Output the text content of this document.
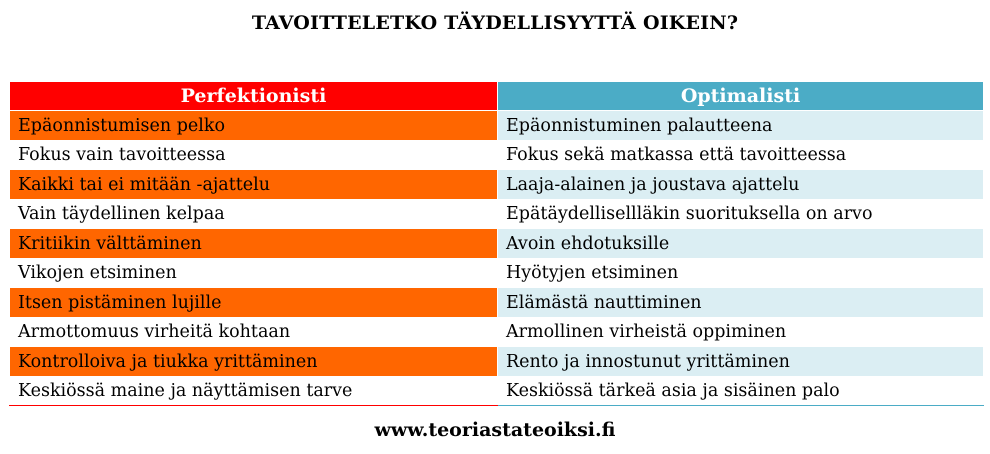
TAVOITTELETKO TÄYDELLISYYTTÄ OIKEIN?
Perfektionisti	Optimalisti
Epäonnistumisen pelko	Epäonnistuminen palautteena
Fokus vain tavoitteessa	Fokus sekä matkassa että tavoitteessa
Kaikki tai ei mitään -ajattelu	Laaja-alainen ja joustava ajattelu
Vain täydellinen kelpaa	Epätäydellisellläkin suorituksella on arvo
Kritiikin välttäminen	Avoin ehdotuksille
Vikojen etsiminen	Hyötyjen etsiminen
Itsen pistäminen lujille	Elämästä nauttiminen
Armottomuus virheitä kohtaan	Armollinen virheistä oppiminen
Kontrolloiva ja tiukka yrittäminen	Rento ja innostunut yrittäminen
Keskiössä maine ja näyttämisen tarve	Keskiössä tärkeä asia ja sisäinen palo
www.teoriastateoiksi.fi
